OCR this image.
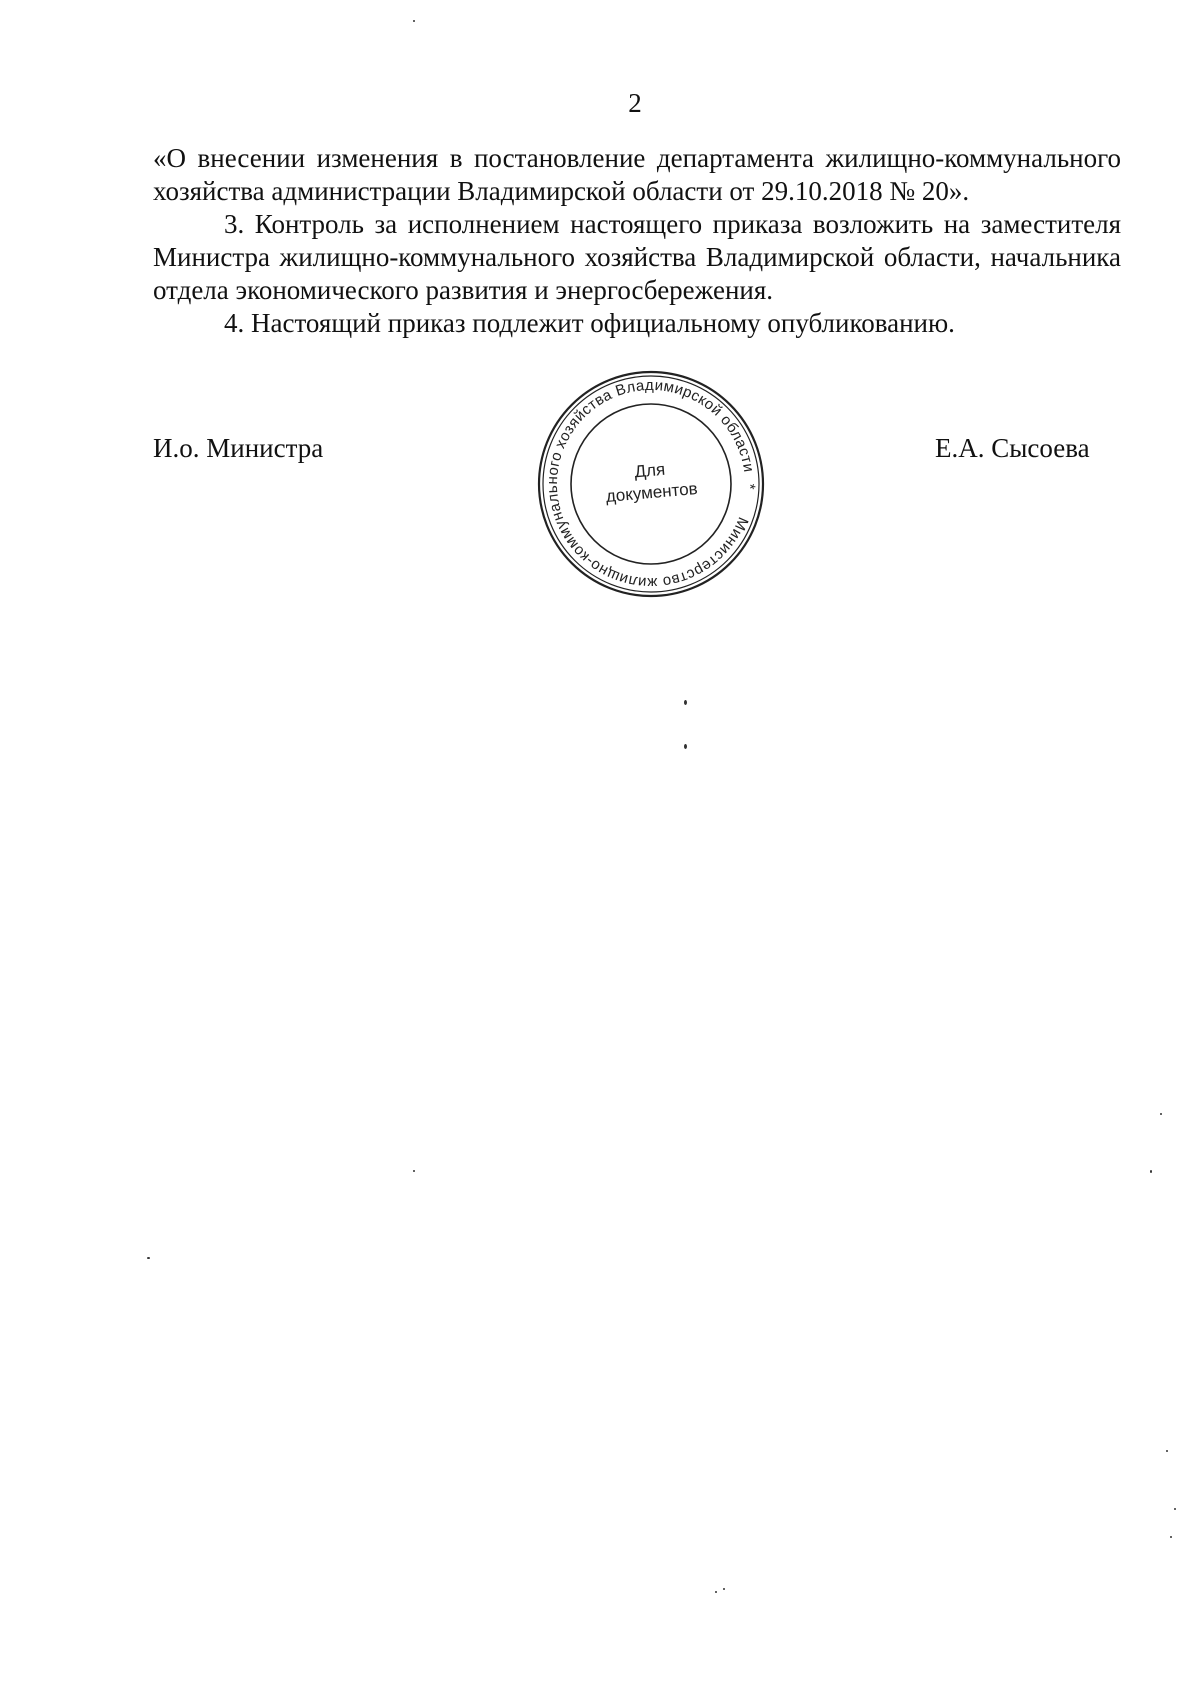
2

«О внесении изменения в постановление департамента жилищно-коммунального хозяйства администрации Владимирской области от 29.10.2018 № 20».

3. Контроль за исполнением настоящего приказа возложить на заместителя Министра жилищно-коммунального хозяйства Владимирской области, начальника отдела экономического развития и энергосбережения.

4. Настоящий приказ подлежит официальному опубликованию.

И.о. Министра
Министерство жилищно-коммунального хозяйства Владимирской области *
Для
документов
Е.А. Сысоева
